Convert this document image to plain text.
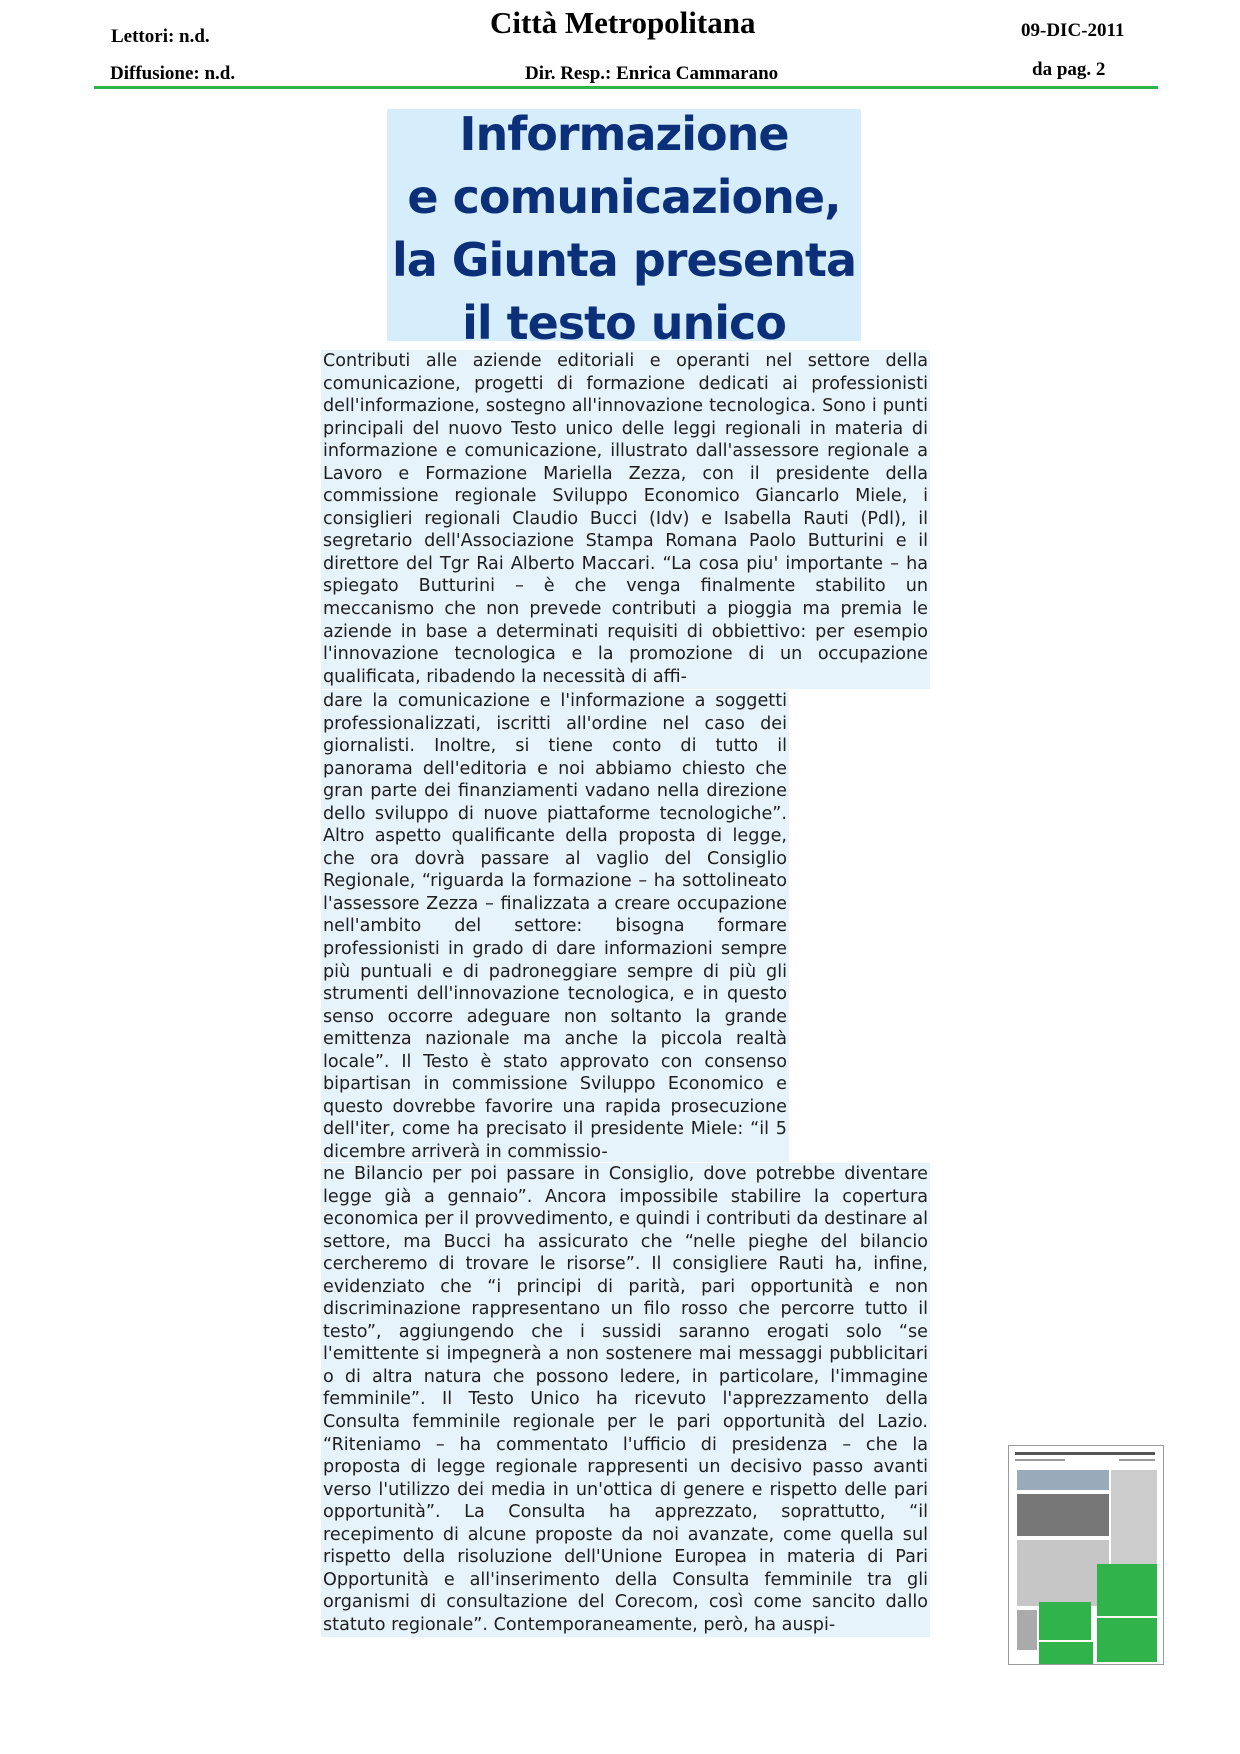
Lettori: n.d.
Diffusione: n.d.
Città Metropolitana
Dir. Resp.: Enrica Cammarano
09-DIC-2011
da pag. 2
Informazione
e comunicazione,
la Giunta presenta
il testo unico

Contributi alle aziende editoriali e operanti nel settore della comunicazione, progetti di formazione dedicati ai professionisti dell'informazione, sostegno all'innovazione tecnologica. Sono i punti principali del nuovo Testo unico delle leggi regionali in materia di informazione e comunicazione, illustrato dall'assessore regionale a Lavoro e Formazione Mariella Zezza, con il presidente della commissione regionale Sviluppo Economico Giancarlo Miele, i consiglieri regionali Claudio Bucci (Idv) e Isabella Rauti (Pdl), il segretario dell'Associazione Stampa Romana Paolo Butturini e il direttore del Tgr Rai Alberto Maccari. “La cosa piu' importante – ha spiegato Butturini – è che venga finalmente stabilito un meccanismo che non prevede contributi a pioggia ma premia le aziende in base a determinati requisiti di obbiettivo: per esempio l'innovazione tecnologica e la promozione di un occupazione qualificata, ribadendo la necessità di affi-

dare la comunicazione e l'informazione a soggetti professionalizzati, iscritti all'ordine nel caso dei giornalisti. Inoltre, si tiene conto di tutto il panorama dell'editoria e noi abbiamo chiesto che gran parte dei finanziamenti vadano nella direzione dello sviluppo di nuove piattaforme tecnologiche”. Altro aspetto qualificante della proposta di legge, che ora dovrà passare al vaglio del Consiglio Regionale, “riguarda la formazione – ha sottolineato l'assessore Zezza – finalizzata a creare occupazione nell'ambito del settore: bisogna formare professionisti in grado di dare informazioni sempre più puntuali e di padroneggiare sempre di più gli strumenti dell'innovazione tecnologica, e in questo senso occorre adeguare non soltanto la grande emittenza nazionale ma anche la piccola realtà locale”. Il Testo è stato approvato con consenso bipartisan in commissione Sviluppo Economico e questo dovrebbe favorire una rapida prosecuzione dell'iter, come ha precisato il presidente Miele: “il 5 dicembre arriverà in commissio-

ne Bilancio per poi passare in Consiglio, dove potrebbe diventare legge già a gennaio”. Ancora impossibile stabilire la copertura economica per il provvedimento, e quindi i contributi da destinare al settore, ma Bucci ha assicurato che “nelle pieghe del bilancio cercheremo di trovare le risorse”. Il consigliere Rauti ha, infine, evidenziato che “i principi di parità, pari opportunità e non discriminazione rappresentano un filo rosso che percorre tutto il testo”, aggiungendo che i sussidi saranno erogati solo “se l'emittente si impegnerà a non sostenere mai messaggi pubblicitari o di altra natura che possono ledere, in particolare, l'immagine femminile”. Il Testo Unico ha ricevuto l'apprezzamento della Consulta femminile regionale per le pari opportunità del Lazio. “Riteniamo – ha commentato l'ufficio di presidenza – che la proposta di legge regionale rappresenti un decisivo passo avanti verso l'utilizzo dei media in un'ottica di genere e rispetto delle pari opportunità”. La Consulta ha apprezzato, soprattutto, “il recepimento di alcune proposte da noi avanzate, come quella sul rispetto della risoluzione dell'Unione Europea in materia di Pari Opportunità e all'inserimento della Consulta femminile tra gli organismi di consultazione del Corecom, così come sancito dallo statuto regionale”. Contemporaneamente, però, ha auspi-
